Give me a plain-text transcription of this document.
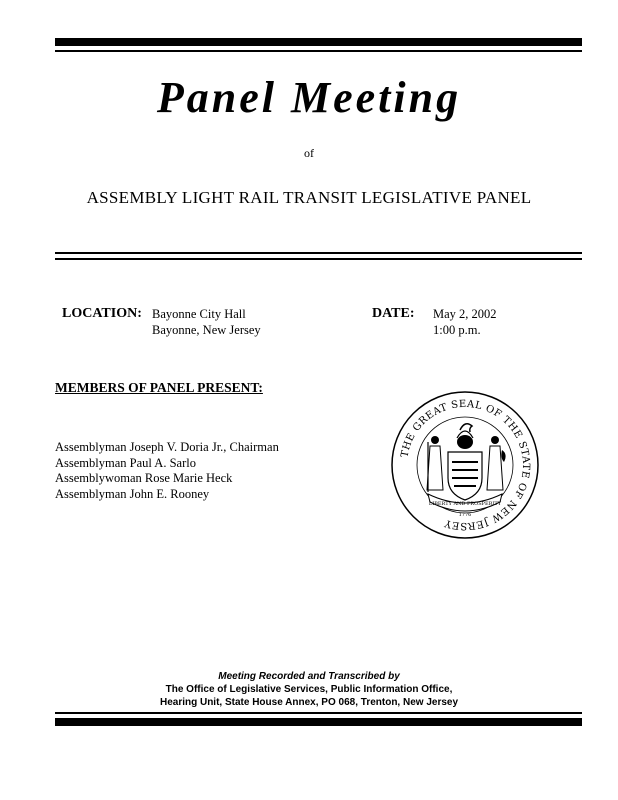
Panel Meeting
of
ASSEMBLY LIGHT RAIL TRANSIT LEGISLATIVE PANEL
LOCATION: Bayonne City Hall
Bayonne, New Jersey
DATE: May 2, 2002
1:00 p.m.
MEMBERS OF PANEL PRESENT:
Assemblyman Joseph V. Doria Jr., Chairman
Assemblyman Paul A. Sarlo
Assemblywoman Rose Marie Heck
Assemblyman John E. Rooney
THE GREAT SEAL OF THE STATE OF NEW JERSEY
LIBERTY AND PROSPERITY
1776
Meeting Recorded and Transcribed by
The Office of Legislative Services, Public Information Office,
Hearing Unit, State House Annex, PO 068, Trenton, New Jersey
